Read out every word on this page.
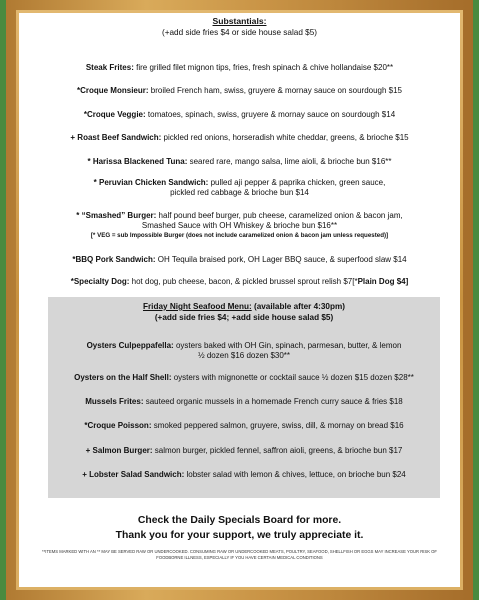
Substantials:
(+add side fries $4 or side house salad $5)
Steak Frites: fire grilled filet mignon tips, fries, fresh spinach & chive hollandaise $20**
*Croque Monsieur: broiled French ham, swiss, gruyere & mornay sauce on sourdough $15
*Croque Veggie: tomatoes, spinach, swiss, gruyere & mornay sauce on sourdough $14
+ Roast Beef Sandwich: pickled red onions, horseradish white cheddar, greens, & brioche $15
* Harissa Blackened Tuna: seared rare, mango salsa, lime aioli, & brioche bun $16**
* Peruvian Chicken Sandwich: pulled aji pepper & paprika chicken, green sauce,
pickled red cabbage & brioche bun $14
* “Smashed” Burger: half pound beef burger, pub cheese, caramelized onion & bacon jam,
Smashed Sauce with OH Whiskey & brioche bun $16**
[* VEG = sub Impossible Burger (does not include caramelized onion & bacon jam unless requested)]
*BBQ Pork Sandwich: OH Tequila braised pork, OH Lager BBQ sauce, & superfood slaw $14
*Specialty Dog: hot dog, pub cheese, bacon, & pickled brussel sprout relish $7[*Plain Dog $4]
Friday Night Seafood Menu: (available after 4:30pm)
(+add side fries $4; +add side house salad $5)
Oysters Culpeppafella: oysters baked with OH Gin, spinach, parmesan, butter, & lemon
½ dozen $16 dozen $30**
Oysters on the Half Shell: oysters with mignonette or cocktail sauce ½ dozen $15 dozen $28**
Mussels Frites: sauteed organic mussels in a homemade French curry sauce & fries $18
*Croque Poisson: smoked peppered salmon, gruyere, swiss, dill, & mornay on bread $16
+ Salmon Burger: salmon burger, pickled fennel, saffron aioli, greens, & brioche bun $17
+ Lobster Salad Sandwich: lobster salad with lemon & chives, lettuce, on brioche bun $24
Check the Daily Specials Board for more.
Thank you for your support, we truly appreciate it.
**ITEMS MARKED WITH AN ** MAY BE SERVED RAW OR UNDERCOOKED. CONSUMING RAW OR UNDERCOOKED MEATS, POULTRY, SEAFOOD, SHELLFISH OR EGGS MAY INCREASE YOUR RISK OF FOODBORNE ILLNESS, ESPECIALLY IF YOU HAVE CERTAIN MEDICAL CONDITIONS
